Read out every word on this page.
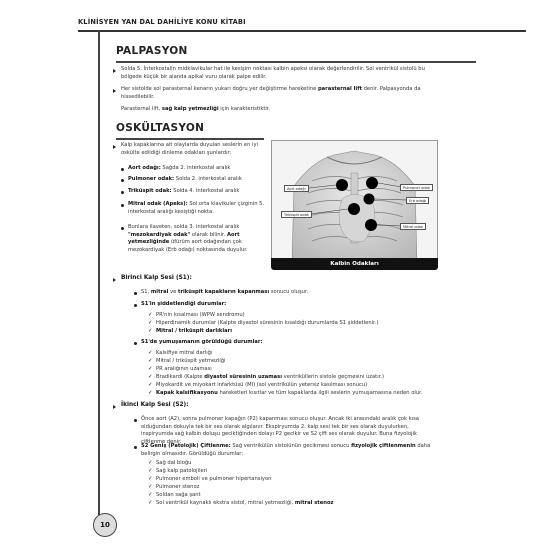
KLİNİSYEN YAN DAL DAHİLİYE KONU KİTABI
PALPASYON
Solda 5. İnterkostalin midklavikular hat ile kesişim noktası kalbin apeksi olarak değerlendirilir. Sol ventrikül sistolü bu bölgede küçük bir alanda apikal vuru olarak palpe edilir.
Her sistolde sol parasternal kenarın yukarı doğru yer değiştirme hareketine parasternal lift denir. Palpasyonda da hissedilebilir.
Parasternal lift, sağ kalp yetmezliği için karakteristiktir.
OSKÜLTASYON
Kalp kapaklarına ait olaylarda duyulan seslerin en iyi oskülte edildiği dinleme odakları şunlardır:
Aort odağı: Sağda 2. interkostal aralık
Pulmoner odak: Solda 2. interkostal aralık
Triküspit odak: Solda 4. interkostal aralık
Mitral odak (Apeks): Sol orta klavikuler çizginin 5. interkostal aralığı kesiştiği nokta.
Bunlara ilaveten, solda 3. interkostal aralık "mezokardiyak odak" olarak bilinir. Aort yetmezliğinde üfürüm aort odağından çok mezokardiyak (Erb odağı) noktasında duyulur.
Aort odağı	Pulmoner odak
Erb odağı
Triküspit odak
Mitral odak
Kalbin Odakları
Birinci Kalp Sesi (S1):
S1, mitral ve triküspit kapakların kapanması sonucu oluşur.
S1'in şiddetlendiği durumlar:
✓ PR'nin kısalması (WPW sendromu)
✓ Hiperdinamik durumlar (Kalpte diyastol süresinin kısaldığı durumlarda S1 şiddetlenir.)
✓ Mitral / triküspit darlıkları
S1'de yumuşamanın görüldüğü durumlar:
✓ Kalsifiye mitral darlığı
✓ Mitral / triküspit yetmezliği
✓ PR aralığının uzaması
✓ Bradikardi (Kalpte diyastol süresinin uzaması ventriküllerin sistole geçmesini uzatır.)
✓ Miyokardit ve miyokart infarktüsü (MI) (sol ventrikülün yetersiz kasılması sonucu)
✓ Kapak kalsifikasyonu hareketleri kısıtlar ve tüm kapaklarda ilgili seslerin yumuşamasına neden olur.
İkinci Kalp Sesi (S2):
Önce aort (A2), sonra pulmoner kapağın (P2) kapanması sonucu oluşur. Ancak iki arasındaki aralık çok kısa olduğundan dokuyla tek bir ses olarak algılanır. Ekspiryumda 2. kalp sesi tek bir ses olarak duyulurken, inspiryumda sağ kalbin doluşu geciktiğinden dolayı P2 gecikir ve S2 çift ses olarak duyulur. Buna fizyolojik çiftlenme denir.
S2 Geniş (Patolojik) Çiftlenme: Sağ ventrikülün sistolünün gecikmesi sonucu fizyolojik çiftlenmenin daha belirgin olmasıdır. Görüldüğü durumlar:
✓ Sağ dal bloğu
✓ Sağ kalp patolojileri
✓ Pulmoner emboli ve pulmoner hipertansiyon
✓ Pulmoner stenoz
✓ Soldan sağa şant
✓ Sol ventrikül kaynaklı ekstra sistol, mitral yetmezliği, mitral stenoz
10
